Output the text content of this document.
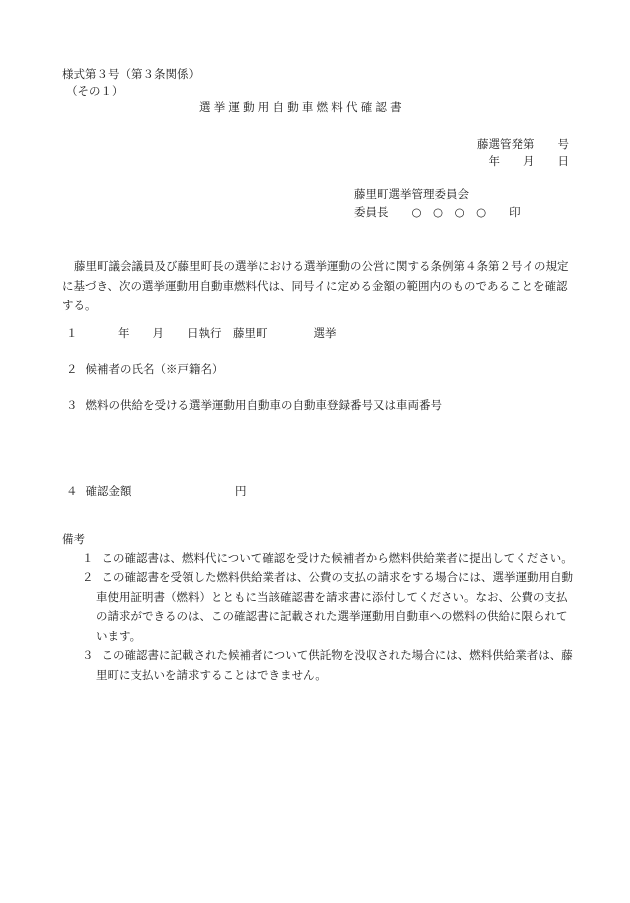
様式第３号（第３条関係）
（その１）
選挙運動用自動車燃料代確認書
藤選管発第　　号
年　　月　　日
藤里町選挙管理委員会
委員長　　○　○　○　○　　印
藤里町議会議員及び藤里町長の選挙における選挙運動の公営に関する条例第４条第２号イの規定に基づき、次の選挙運動用自動車燃料代は、同号イに定める金額の範囲内のものであることを確認する。
１　　　年　　月　　日執行　藤里町　　　　選挙
２ 候補者の氏名（※戸籍名）
３ 燃料の供給を受ける選挙運動用自動車の自動車登録番号又は車両番号
４ 確認金額　　　　　　　　　円
備考
１ この確認書は、燃料代について確認を受けた候補者から燃料供給業者に提出してください。
２ この確認書を受領した燃料供給業者は、公費の支払の請求をする場合には、選挙運動用自動車使用証明書（燃料）とともに当該確認書を請求書に添付してください。なお、公費の支払の請求ができるのは、この確認書に記載された選挙運動用自動車への燃料の供給に限られています。
３ この確認書に記載された候補者について供託物を没収された場合には、燃料供給業者は、藤里町に支払いを請求することはできません。
